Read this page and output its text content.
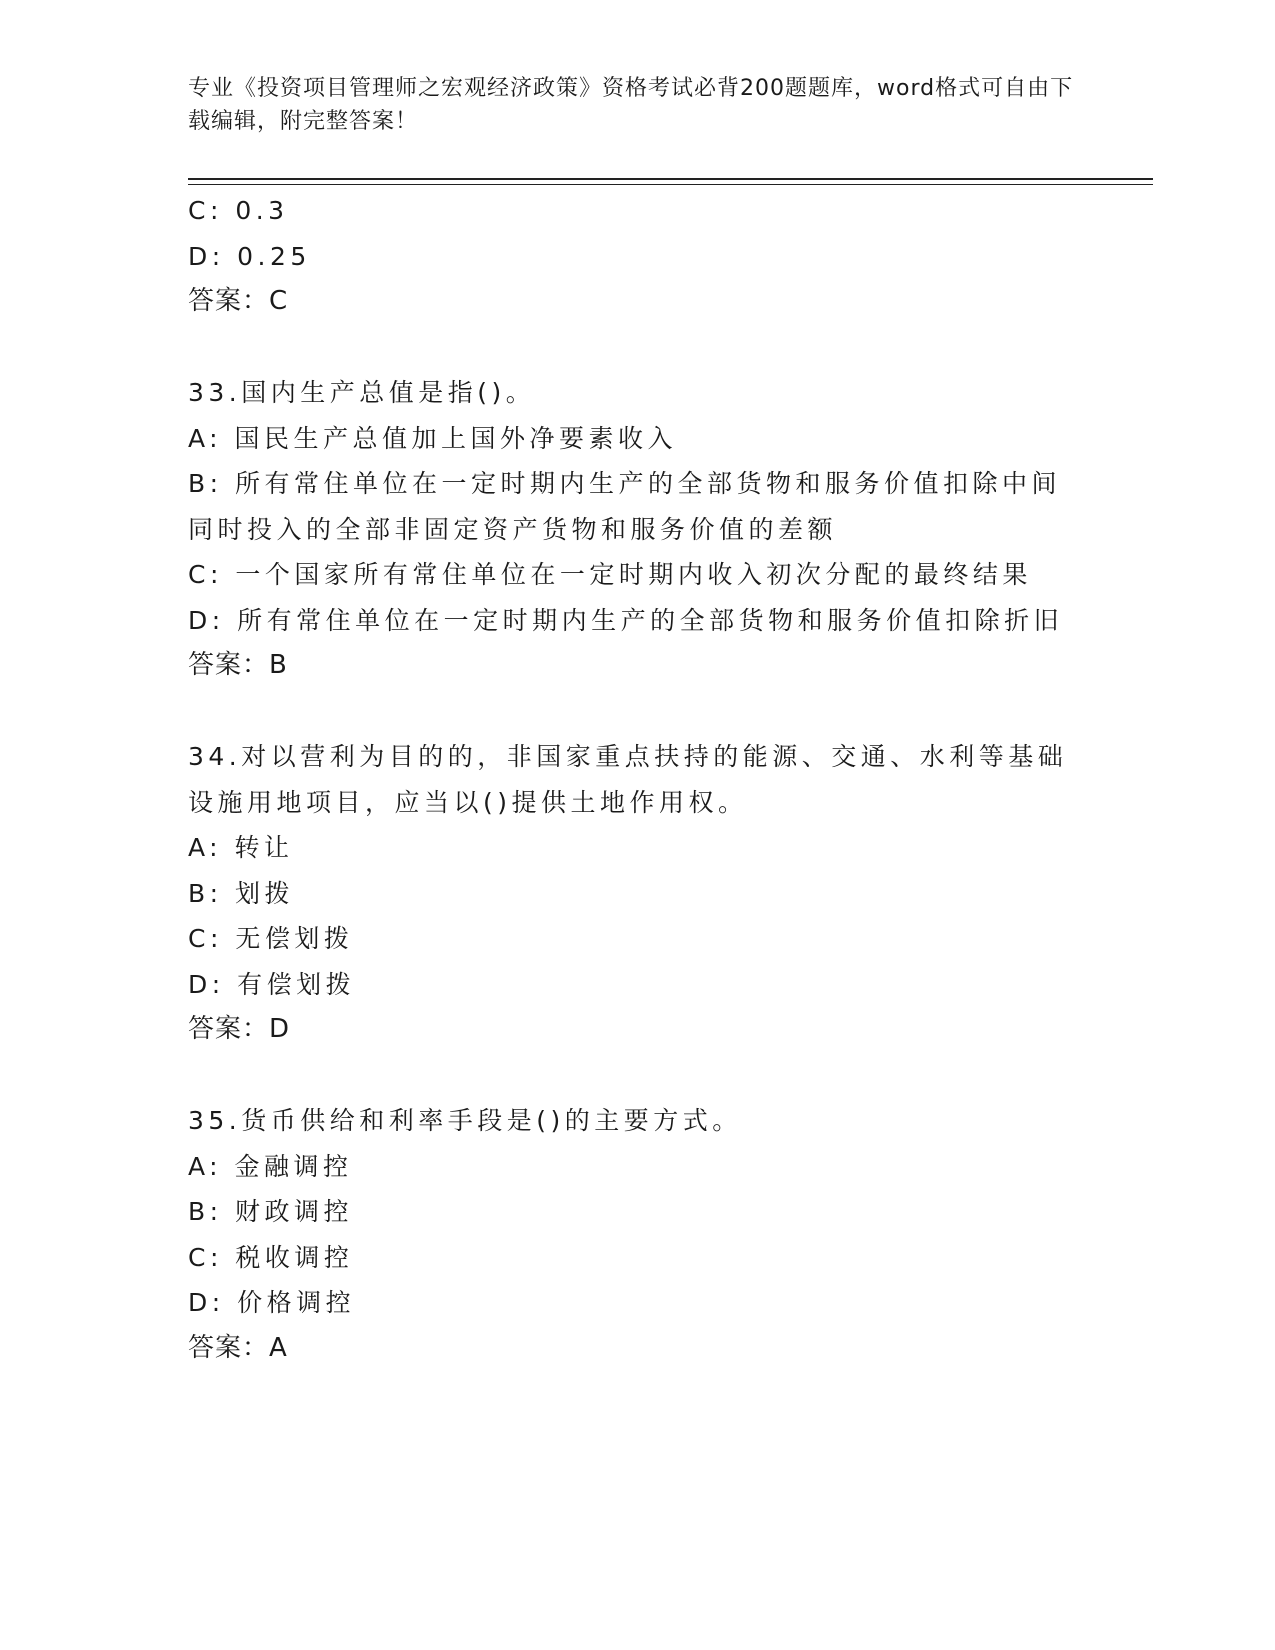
专业《投资项目管理师之宏观经济政策》资格考试必背200题题库，word格式可自由下载编辑，附完整答案！
C: 0.3
D: 0.25
答案：C
33.国内生产总值是指()。
A: 国民生产总值加上国外净要素收入
B: 所有常住单位在一定时期内生产的全部货物和服务价值扣除中间同时投入的全部非固定资产货物和服务价值的差额
C: 一个国家所有常住单位在一定时期内收入初次分配的最终结果
D: 所有常住单位在一定时期内生产的全部货物和服务价值扣除折旧
答案：B
34.对以营利为目的的，非国家重点扶持的能源、交通、水利等基础设施用地项目，应当以()提供土地作用权。
A: 转让
B: 划拨
C: 无偿划拨
D: 有偿划拨
答案：D
35.货币供给和利率手段是()的主要方式。
A: 金融调控
B: 财政调控
C: 税收调控
D: 价格调控
答案：A
